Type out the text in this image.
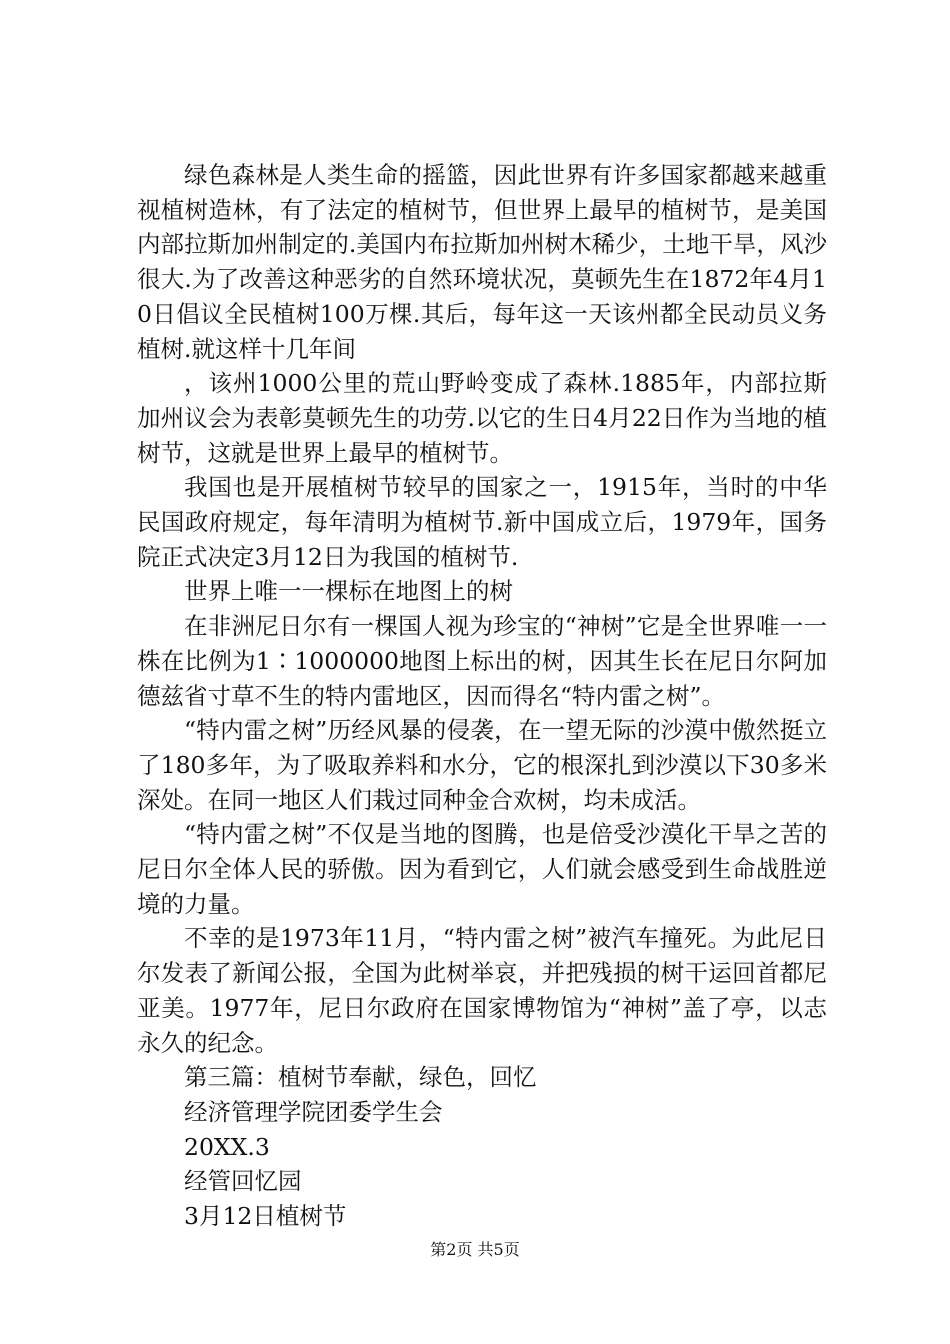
绿色森林是人类生命的摇篮，因此世界有许多国家都越来越重视植树造林，有了法定的植树节，但世界上最早的植树节，是美国内部拉斯加州制定的.美国内布拉斯加州树木稀少，土地干旱，风沙很大.为了改善这种恶劣的自然环境状况，莫顿先生在1872年4月10日倡议全民植树100万棵.其后，每年这一天该州都全民动员义务植树.就这样十几年间

，该州1000公里的荒山野岭变成了森林.1885年，内部拉斯加州议会为表彰莫顿先生的功劳.以它的生日4月22日作为当地的植树节，这就是世界上最早的植树节。

我国也是开展植树节较早的国家之一，1915年，当时的中华民国政府规定，每年清明为植树节.新中国成立后，1979年，国务院正式决定3月12日为我国的植树节.

世界上唯一一棵标在地图上的树

在非洲尼日尔有一棵国人视为珍宝的“神树”它是全世界唯一一株在比例为1∶1000000地图上标出的树，因其生长在尼日尔阿加德兹省寸草不生的特内雷地区，因而得名“特内雷之树”。

“特内雷之树”历经风暴的侵袭，在一望无际的沙漠中傲然挺立了180多年，为了吸取养料和水分，它的根深扎到沙漠以下30多米深处。在同一地区人们栽过同种金合欢树，均未成活。

“特内雷之树”不仅是当地的图腾，也是倍受沙漠化干旱之苦的尼日尔全体人民的骄傲。因为看到它，人们就会感受到生命战胜逆境的力量。

不幸的是1973年11月，“特内雷之树”被汽车撞死。为此尼日尔发表了新闻公报，全国为此树举哀，并把残损的树干运回首都尼亚美。1977年，尼日尔政府在国家博物馆为“神树”盖了亭，以志永久的纪念。

第三篇：植树节奉献，绿色，回忆

经济管理学院团委学生会

20XX.3

经管回忆园

3月12日植树节

第2页 共5页
